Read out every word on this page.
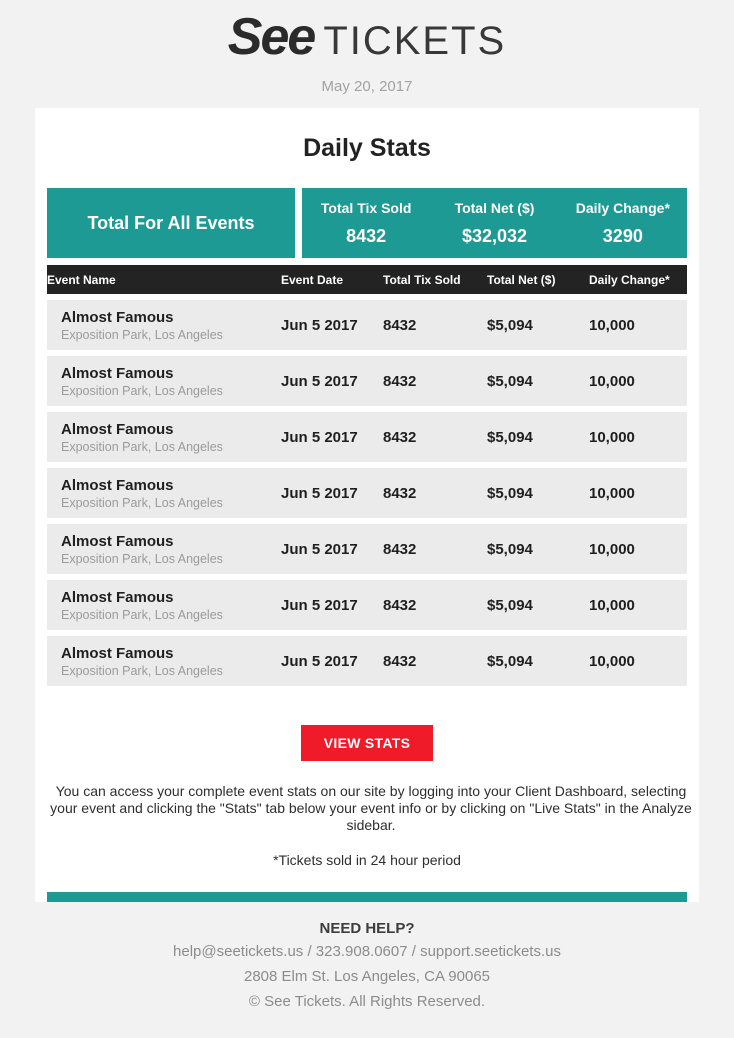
See TICKETS
May 20, 2017
Daily Stats
Total For All Events
Total Tix Sold
8432
Total Net ($)
$32,032
Daily Change*
3290
Event Name	Event Date	Total Tix Sold	Total Net ($)	Daily Change*
Almost Famous
Exposition Park, Los Angeles
Jun 5 2017	8432	$5,094	10,000
Almost Famous
Exposition Park, Los Angeles
Jun 5 2017	8432	$5,094	10,000
Almost Famous
Exposition Park, Los Angeles
Jun 5 2017	8432	$5,094	10,000
Almost Famous
Exposition Park, Los Angeles
Jun 5 2017	8432	$5,094	10,000
Almost Famous
Exposition Park, Los Angeles
Jun 5 2017	8432	$5,094	10,000
Almost Famous
Exposition Park, Los Angeles
Jun 5 2017	8432	$5,094	10,000
Almost Famous
Exposition Park, Los Angeles
Jun 5 2017	8432	$5,094	10,000
VIEW STATS

You can access your complete event stats on our site by logging into your Client Dashboard, selecting your event and clicking the "Stats" tab below your event info or by clicking on "Live Stats" in the Analyze sidebar.

*Tickets sold in 24 hour period

NEED HELP?
help@seetickets.us / 323.908.0607 / support.seetickets.us
2808 Elm St. Los Angeles, CA 90065
© See Tickets. All Rights Reserved.
